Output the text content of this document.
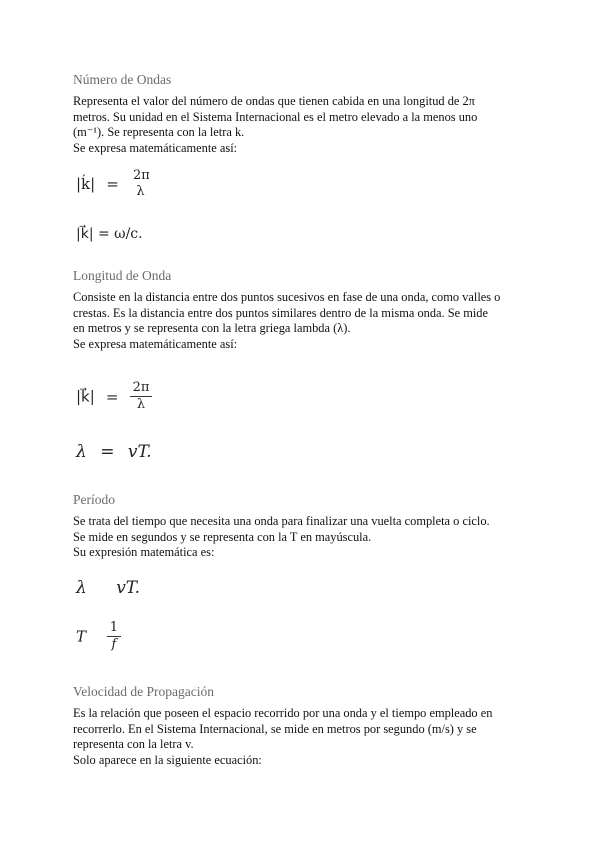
Número de Ondas
Representa el valor del número de ondas que tienen cabida en una longitud de 2π
metros. Su unidad en el Sistema Internacional es el metro elevado a la menos uno
(m⁻¹). Se representa con la letra k.
Se expresa matemáticamente así:
|ḱ| = 2π
λ
|k⃗| = ω/c.
Longitud de Onda
Consiste en la distancia entre dos puntos sucesivos en fase de una onda, como valles o
crestas. Es la distancia entre dos puntos similares dentro de la misma onda. Se mide
en metros y se representa con la letra griega lambda (λ).
Se expresa matemáticamente así:
|k⃗| = $\frac{2\pi}{\lambda}$
λ = vT.
Período
Se trata del tiempo que necesita una onda para finalizar una vuelta completa o ciclo.
Se mide en segundos y se representa con la T en mayúscula.
Su expresión matemática es:
λ vT.
T $\frac{1}{f}$
Velocidad de Propagación
Es la relación que poseen el espacio recorrido por una onda y el tiempo empleado en
recorrerlo. En el Sistema Internacional, se mide en metros por segundo (m/s) y se
representa con la letra v.
Solo aparece en la siguiente ecuación:
